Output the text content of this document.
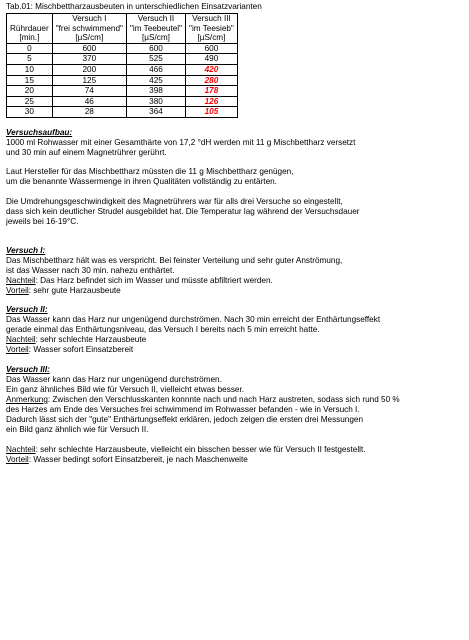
Tab.01: Mischbettharzausbeuten in unterschiedlichen Einsatzvarianten
	Versuch I	Versuch II	Versuch III
Rührdauer	"frei schwimmend"	"im Teebeutel"	"im Teesieb"
[min.]	[µS/cm]	[µS/cm]	[µS/cm]
0	600	600	600
5	370	525	490
10	200	466	420
15	125	425	280
20	74	398	178
25	46	380	126
30	28	364	105
Versuchsaufbau:

1000 ml Rohwasser mit einer Gesamthärte von 17,2 °dH werden mit 11 g Mischbettharz versetzt

und 30 min auf einem Magnetrührer gerührt.

Laut Hersteller für das Mischbettharz müssten die 11 g Mischbettharz genügen,

um die benannte Wassermenge in ihren Qualitäten vollständig zu entärten.

Die Umdrehungsgeschwindigkeit des Magnetrührers war für alls drei Versuche so eingestellt,

dass sich kein deutlicher Strudel ausgebildet hat. Die Temperatur lag während der Versuchsdauer

jeweils bei 16-19°C.

Versuch I:

Das Mischbettharz hält was es verspricht. Bei feinster Verteilung und sehr guter Anströmung,

ist das Wasser nach 30 min. nahezu enthärtet.

Nachteil: Das Harz befindet sich im Wasser und müsste abfiltriert werden.

Vorteil: sehr gute Harzausbeute

Versuch II:

Das Wasser kann das Harz nur ungenügend durchströmen. Nach 30 min erreicht der Enthärtungseffekt

gerade einmal das Enthärtungsniveau, das Versuch I bereits nach 5 min erreicht hatte.

Nachteil: sehr schlechte Harzausbeute

Vorteil: Wasser sofort Einsatzbereit

Versuch III:

Das Wasser kann das Harz nur ungenügend durchströmen.

Ein ganz ähnliches Bild wie für Versuch II, vielleicht etwas besser.

Anmerkung: Zwischen den Verschlusskanten konnnte nach und nach Harz austreten, sodass sich rund 50 %

des Harzes am Ende des Versuches frei schwimmend im Rohwasser befanden - wie in Versuch I.

Dadurch lässt sich der "gute" Enthärtungseffekt erklären, jedoch zeigen die ersten drei Messungen

ein Bild ganz ähnlich wie für Versuch II.

Nachteil: sehr schlechte Harzausbeute, vielleicht ein bisschen besser wie für Versuch II festgestellt.

Vorteil: Wasser bedingt sofort Einsatzbereit, je nach Maschenweite
